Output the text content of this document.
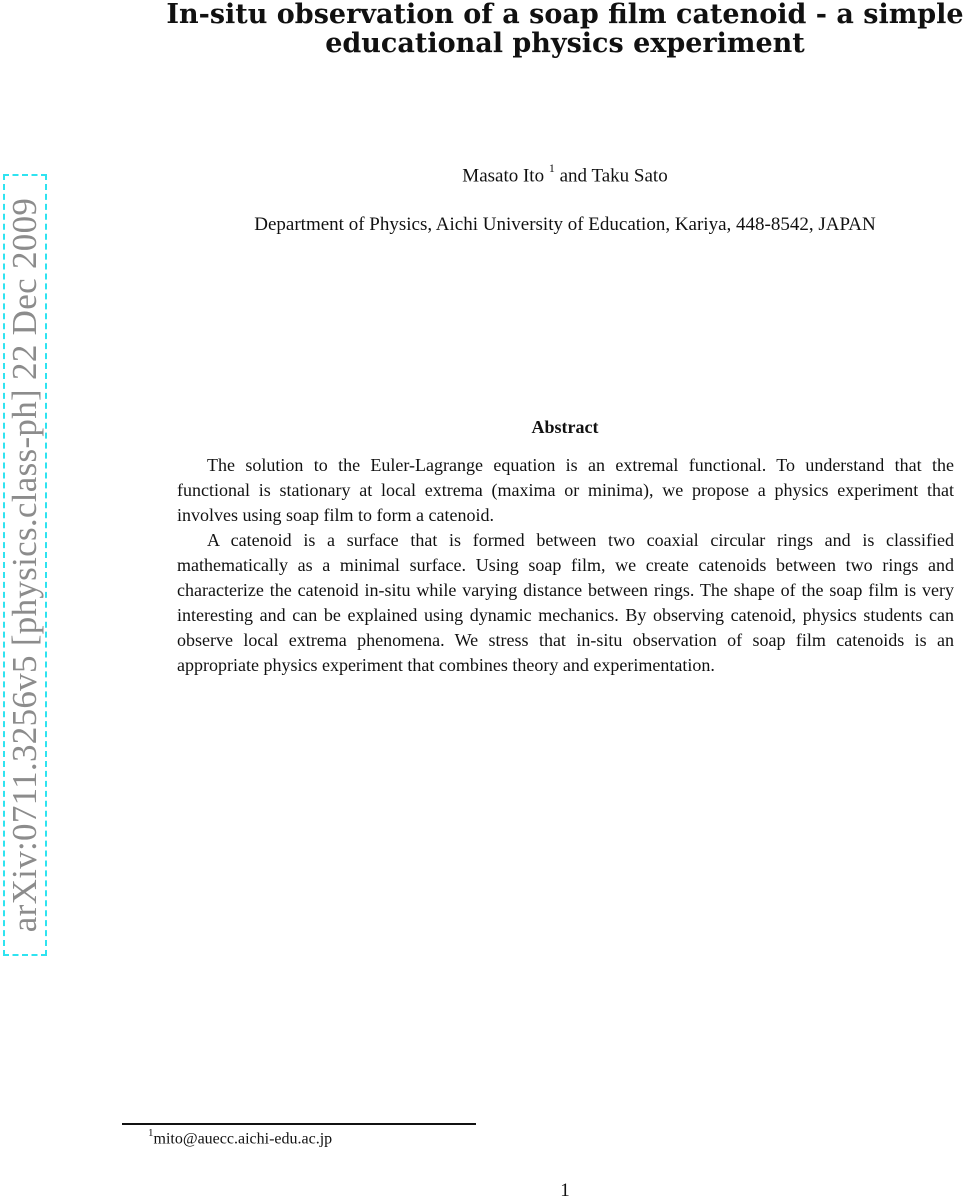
In-situ observation of a soap film catenoid - a simple
educational physics experiment
Masato Ito $^1$ and Taku Sato
Department of Physics, Aichi University of Education, Kariya, 448-8542, JAPAN
Abstract

The solution to the Euler-Lagrange equation is an extremal functional. To understand that the functional is stationary at local extrema (maxima or minima), we propose a physics experiment that involves using soap film to form a catenoid.

A catenoid is a surface that is formed between two coaxial circular rings and is classified mathematically as a minimal surface. Using soap film, we create catenoids between two rings and characterize the catenoid in-situ while varying distance between rings. The shape of the soap film is very interesting and can be explained using dynamic mechanics. By observing catenoid, physics students can observe local extrema phenomena. We stress that in-situ observation of soap film catenoids is an appropriate physics experiment that combines theory and experimentation.

arXiv:0711.3256v5 [physics.class-ph] 22 Dec 2009
$^1$mito@auecc.aichi-edu.ac.jp
1
